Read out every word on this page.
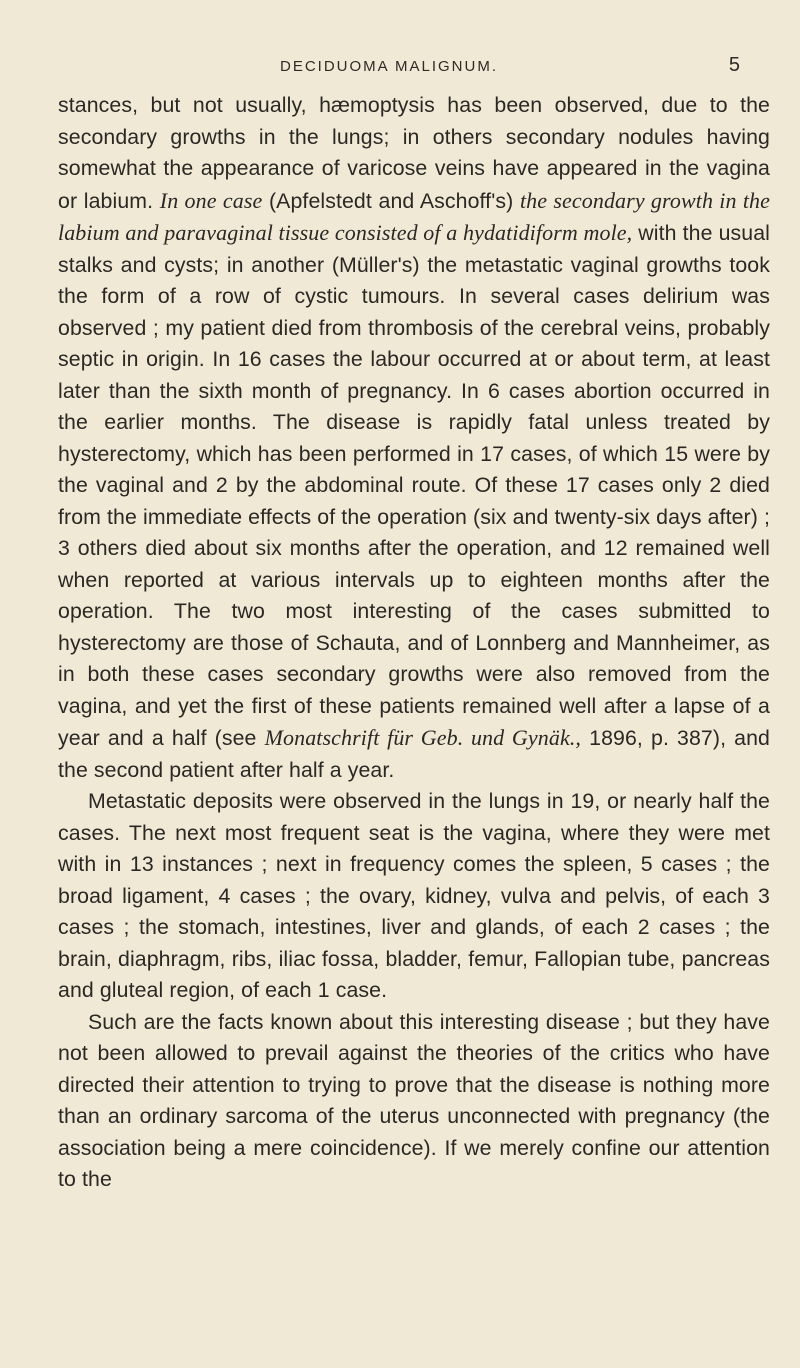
DECIDUOMA MALIGNUM.	5

stances, but not usually, hæmoptysis has been observed, due to the secondary growths in the lungs; in others secondary nodules having somewhat the appearance of varicose veins have appeared in the vagina or labium. In one case (Apfelstedt and Aschoff's) the secondary growth in the labium and paravaginal tissue consisted of a hydatidiform mole, with the usual stalks and cysts; in another (Müller's) the metastatic vaginal growths took the form of a row of cystic tumours. In several cases delirium was observed ; my patient died from thrombosis of the cerebral veins, probably septic in origin. In 16 cases the labour occurred at or about term, at least later than the sixth month of pregnancy. In 6 cases abortion occurred in the earlier months. The disease is rapidly fatal unless treated by hysterectomy, which has been performed in 17 cases, of which 15 were by the vaginal and 2 by the abdominal route. Of these 17 cases only 2 died from the immediate effects of the operation (six and twenty-six days after) ; 3 others died about six months after the operation, and 12 remained well when reported at various intervals up to eighteen months after the operation. The two most interesting of the cases submitted to hysterectomy are those of Schauta, and of Lonnberg and Mannheimer, as in both these cases secondary growths were also removed from the vagina, and yet the first of these patients remained well after a lapse of a year and a half (see Monatschrift für Geb. und Gynäk., 1896, p. 387), and the second patient after half a year.

Metastatic deposits were observed in the lungs in 19, or nearly half the cases. The next most frequent seat is the vagina, where they were met with in 13 instances ; next in frequency comes the spleen, 5 cases ; the broad ligament, 4 cases ; the ovary, kidney, vulva and pelvis, of each 3 cases ; the stomach, intestines, liver and glands, of each 2 cases ; the brain, diaphragm, ribs, iliac fossa, bladder, femur, Fallopian tube, pancreas and gluteal region, of each 1 case.

Such are the facts known about this interesting disease ; but they have not been allowed to prevail against the theories of the critics who have directed their attention to trying to prove that the disease is nothing more than an ordinary sarcoma of the uterus unconnected with pregnancy (the association being a mere coincidence). If we merely confine our attention to the
